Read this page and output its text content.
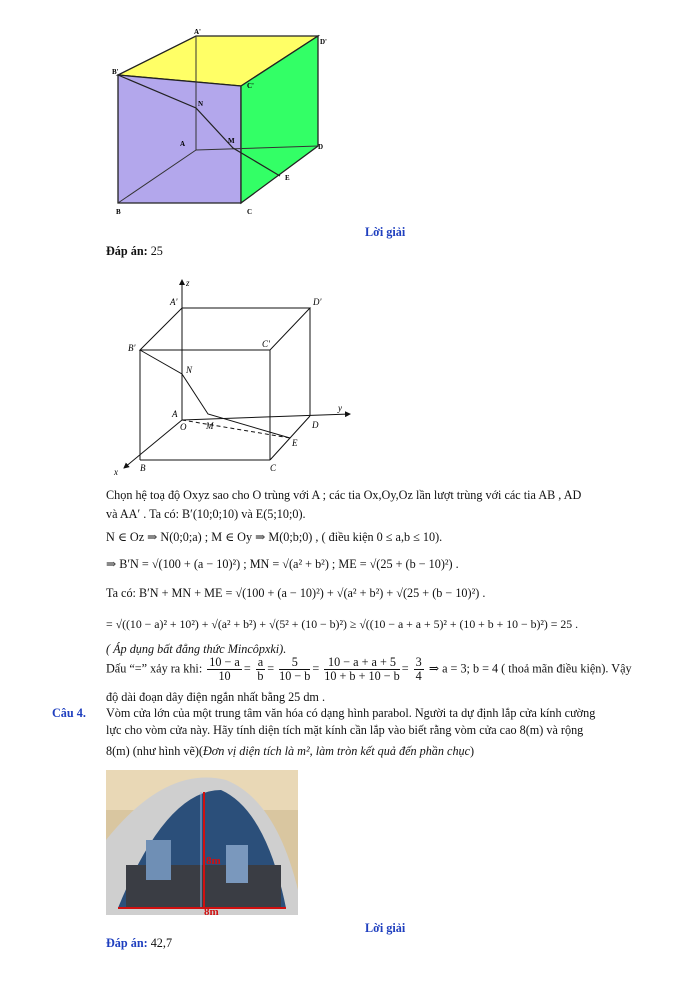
A'
D'
B'
C'
N
A	M
D
E
B	C
Lời giải
Đáp án: 25
z
y
x
A'	D'
B'	C'
N
A
O M	D
E
B	C
Chọn hệ toạ độ Oxyz sao cho O trùng với A ; các tia Ox,Oy,Oz lần lượt trùng với các tia AB , AD
và AA′ . Ta có: B′(10;0;10) và E(5;10;0).
N ∈ Oz ⇒ N(0;0;a) ; M ∈ Oy ⇒ M(0;b;0) , ( điều kiện 0 ≤ a,b ≤ 10).
⇒ B′N = √(100 + (a − 10)²) ; MN = √(a² + b²) ; ME = √(25 + (b − 10)²) .
Ta có: B′N + MN + ME = √(100 + (a − 10)²) + √(a² + b²) + √(25 + (b − 10)²) .
= √((10 − a)² + 10²) + √(a² + b²) + √(5² + (10 − b)²) ≥ √((10 − a + a + 5)² + (10 + b + 10 − b)²) = 25 .
( Áp dụng bất đẳng thức Mincôpxki).
Dấu “=” xảy ra khi: $\frac{10 - a}{10} = \frac{a}{b} = \frac{5}{10 - b} = \frac{10 - a + a + 5}{10 + b + 10 - b} = \frac{3}{4}$ ⇒ a = 3; b = 4 ( thoả mãn điều kiện). Vậy
độ dài đoạn dây điện ngắn nhất bằng 25 dm .
Câu 4. Vòm cửa lớn của một trung tâm văn hóa có dạng hình parabol. Người ta dự định lắp cửa kính cường
lực cho vòm cửa này. Hãy tính diện tích mặt kính cần lắp vào biết rằng vòm cửa cao 8(m) và rộng
8(m) (như hình vẽ)(Đơn vị diện tích là m², làm tròn kết quả đến phần chục)
8m
8m
Lời giải
Đáp án: 42,7
